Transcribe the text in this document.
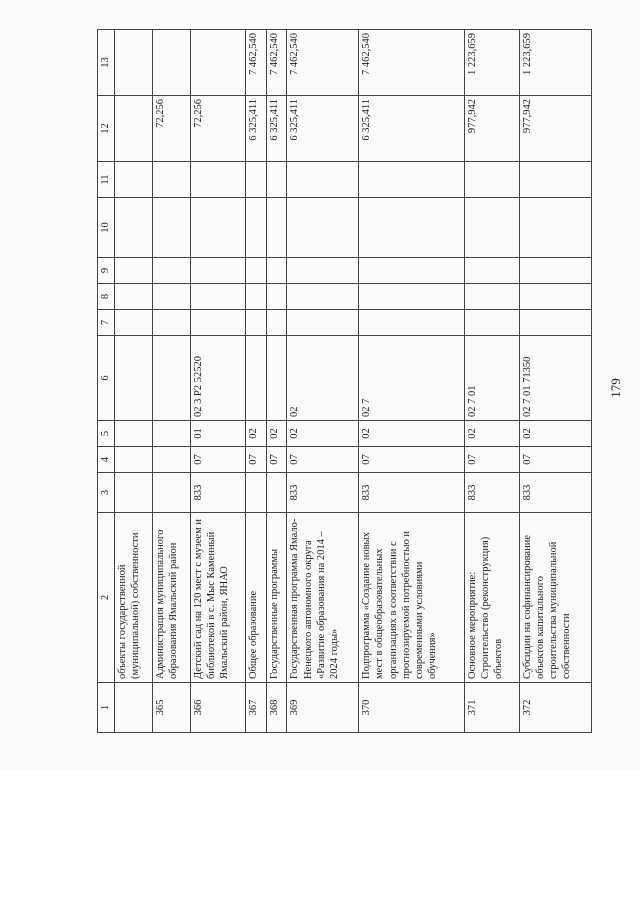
179
1	2	3	4	5	6	7	8	9	10	11	12	13
	объекты государственной (муниципальной) собственности											
365	Администрация муниципального образования Ямальский район										72,256	
366	Детский сад на 120 мест с музеем и библиотекой в с. Мыс Каменный Ямальский район, ЯНАО	833	07	01	02 3 P2 52520						72,256	
367	Общее образование		07	02							6 325,411	7 462,540
368	Государственные программы		07	02							6 325,411	7 462,540
369	Государственная программа Ямало-Ненецкого автономного округа «Развитие образования на 2014 – 2024 годы»	833	07	02	02						6 325,411	7 462,540
370	Подпрограмма «Создание новых мест в общеобразовательных организациях в соответствии с прогнозируемой потребностью и современными условиями обучения»	833	07	02	02 7						6 325,411	7 462,540
371	Основное мероприятие: Строительство (реконструкция) объектов	833	07	02	02 7 01						977,942	1 223,659
372	Субсидии на софинансирование объектов капитального строительства муниципальной собственности	833	07	02	02 7 01 71350						977,942	1 223,659
